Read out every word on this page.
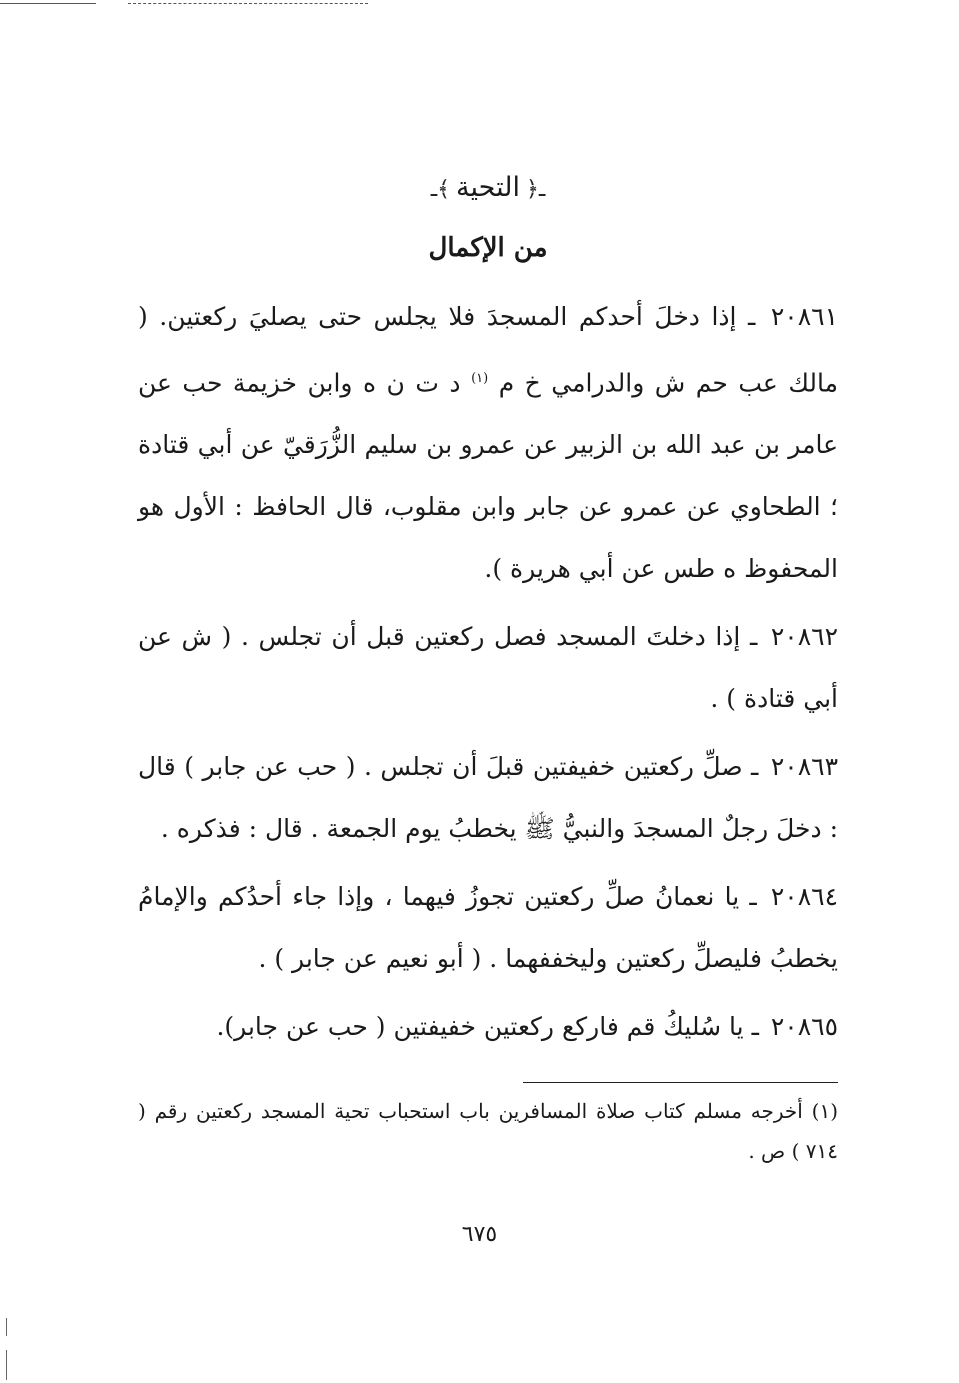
ـ﴿التحية﴾ـ
من الإكمال

٢٠٨٦١ ـ إذا دخلَ أحدكم المسجدَ فلا يجلس حتى يصليَ ركعتين. ( مالك عب حم ش والدرامي خ م $^{(١)}$ د ت ن ه وابن خزيمة حب عن عامر بن عبد الله بن الزبير عن عمرو بن سليم الزُّرَقيّ عن أبي قتادة ؛ الطحاوي عن عمرو عن جابر وابن مقلوب، قال الحافظ : الأول هو المحفوظ ه طس عن أبي هريرة ).

٢٠٨٦٢ ـ إذا دخلتَ المسجد فصل ركعتين قبل أن تجلس . ( ش عن أبي قتادة ) .

٢٠٨٦٣ ـ صلِّ ركعتين خفيفتين قبلَ أن تجلس . ( حب عن جابر ) قال : دخلَ رجلٌ المسجدَ والنبيُّ ﷺ يخطبُ يوم الجمعة . قال : فذكره .

٢٠٨٦٤ ـ يا نعمانُ صلِّ ركعتين تجوزُ فيهما ، وإذا جاء أحدُكم والإمامُ يخطبُ فليصلِّ ركعتين وليخففهما . ( أبو نعيم عن جابر ) .

٢٠٨٦٥ ـ يا سُليكُ قم فاركع ركعتين خفيفتين ( حب عن جابر).

(١) أخرجه مسلم كتاب صلاة المسافرين باب استحباب تحية المسجد ركعتين رقم ( ٧١٤ ) ص .

٦٧٥
